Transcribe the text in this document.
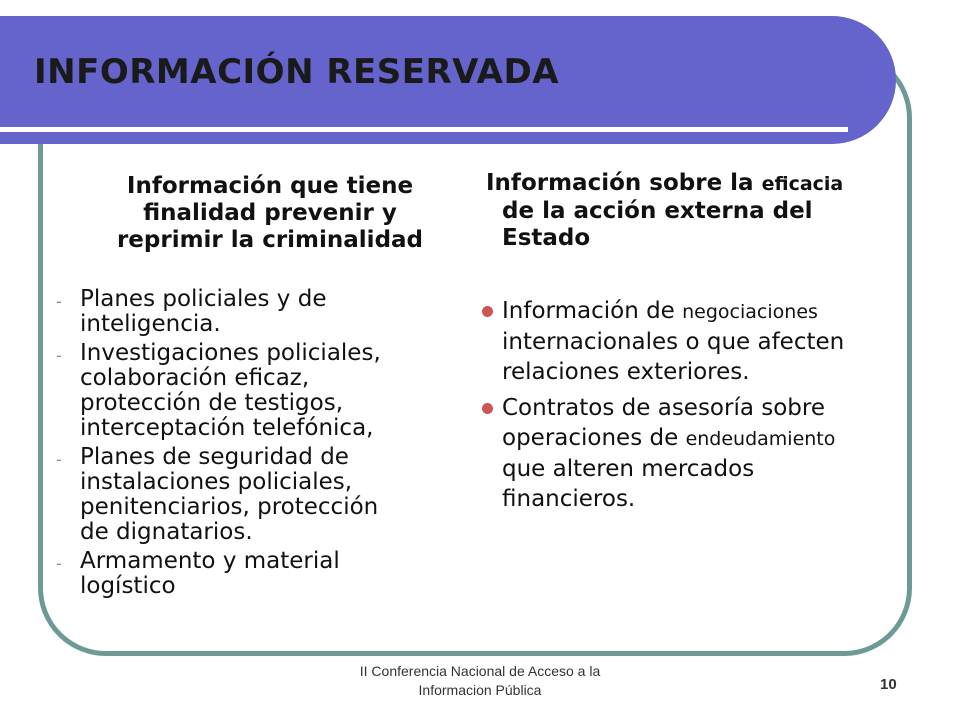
INFORMACIÓN RESERVADA
Información que tiene
finalidad prevenir y
reprimir la criminalidad
- Planes policiales y de
inteligencia.
- Investigaciones policiales,
colaboración eficaz,
protección de testigos,
interceptación telefónica,
- Planes de seguridad de
instalaciones policiales,
penitenciarios, protección
de dignatarios.
- Armamento y material
logístico
Información sobre la eficacia
de la acción externa del
Estado
Información de negociaciones
internacionales o que afecten
relaciones exteriores.
Contratos de asesoría sobre
operaciones de endeudamiento
que alteren mercados
financieros.
II Conferencia Nacional de Acceso a la
Informacion Pública	10
